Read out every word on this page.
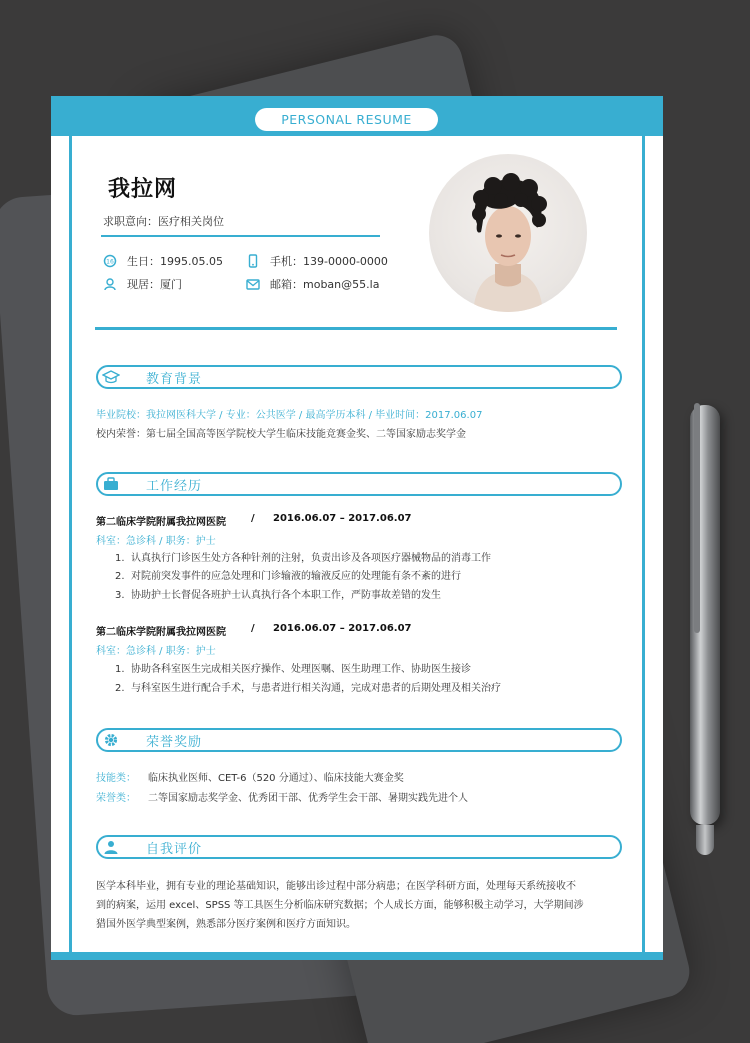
PERSONAL RESUME
我拉网
求职意向：医疗相关岗位
16 生日：1995.05.05	手机：139-0000-0000
现居：厦门	邮箱：moban@55.la
教育背景
毕业院校：我拉网医科大学 / 专业：公共医学 / 最高学历本科 / 毕业时间：2017.06.07
校内荣誉：第七届全国高等医学院校大学生临床技能竞赛金奖、二等国家励志奖学金
工作经历
第二临床学院附属我拉网医院	/ 2016.06.07 – 2017.06.07
科室：急诊科 / 职务：护士
1. 认真执行门诊医生处方各种针剂的注射，负责出诊及各项医疗器械物品的消毒工作
2. 对院前突发事件的应急处理和门诊输液的输液反应的处理能有条不紊的进行
3. 协助护士长督促各班护士认真执行各个本职工作，严防事故差错的发生
第二临床学院附属我拉网医院	/ 2016.06.07 – 2017.06.07
科室：急诊科 / 职务：护士
1. 协助各科室医生完成相关医疗操作、处理医嘱、医生助理工作、协助医生接诊
2. 与科室医生进行配合手术，与患者进行相关沟通，完成对患者的后期处理及相关治疗
荣誉奖励
技能类： 临床执业医师、CET-6（520 分通过）、临床技能大赛金奖
荣誉类： 二等国家励志奖学金、优秀团干部、优秀学生会干部、暑期实践先进个人
自我评价
医学本科毕业，拥有专业的理论基础知识，能够出诊过程中部分病患；在医学科研方面，处理每天系统接收不
到的病案，运用 excel、SPSS 等工具医生分析临床研究数据；个人成长方面，能够积极主动学习，大学期间涉
猎国外医学典型案例，熟悉部分医疗案例和医疗方面知识。
